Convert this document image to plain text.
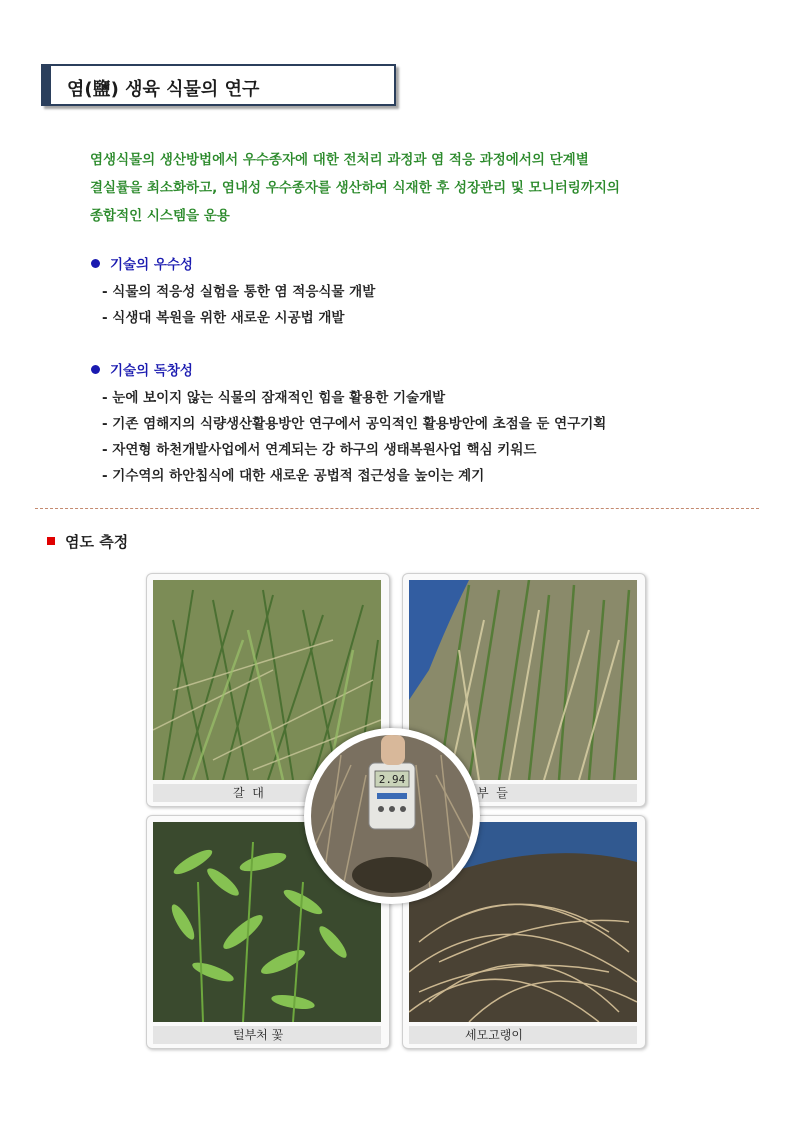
염(鹽) 생육 식물의 연구
염생식물의 생산방법에서 우수종자에 대한 전처리 과정과 염 적응 과정에서의 단계별
결실률을 최소화하고, 염내성 우수종자를 생산하여 식재한 후 성장관리 및 모니터링까지의
종합적인 시스템을 운용
기술의 우수성
- 식물의 적응성 실험을 통한 염 적응식물 개발
- 식생대 복원을 위한 새로운 시공법 개발
기술의 독창성
- 눈에 보이지 않는 식물의 잠재적인 힘을 활용한 기술개발
- 기존 염해지의 식량생산활용방안 연구에서 공익적인 활용방안에 초점을 둔 연구기획
- 자연형 하천개발사업에서 연계되는 강 하구의 생태복원사업 핵심 키워드
- 기수역의 하안침식에 대한 새로운 공법적 접근성을 높이는 계기
염도 측정
갈  대	부  들
털부처 꽃	세모고랭이
2.94
